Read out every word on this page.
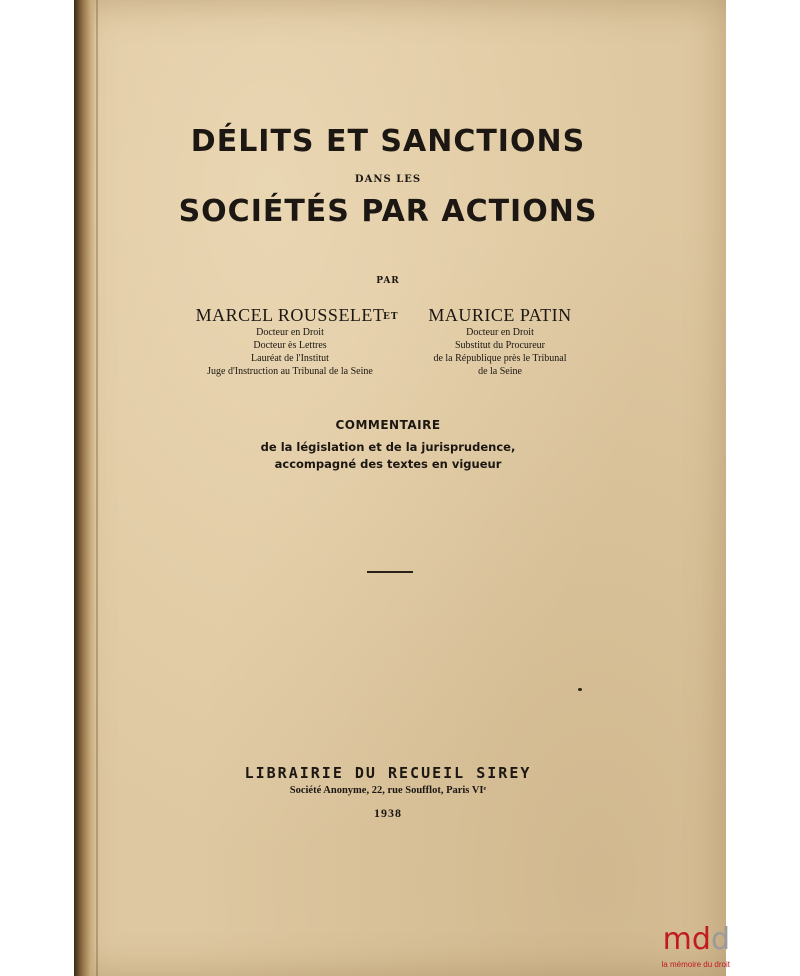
DÉLITS ET SANCTIONS
DANS LES
SOCIÉTÉS PAR ACTIONS
PAR
MARCEL ROUSSELET
Docteur en Droit
Docteur ès Lettres
Lauréat de l'Institut
Juge d'Instruction au Tribunal de la Seine
ET	MAURICE PATIN
Docteur en Droit
Substitut du Procureur
de la République près le Tribunal
de la Seine
COMMENTAIRE
de la législation et de la jurisprudence,
accompagné des textes en vigueur
LIBRAIRIE DU RECUEIL SIREY
Société Anonyme, 22, rue Soufflot, Paris VIᵉ
1938
mdd
la mémoire du droit
